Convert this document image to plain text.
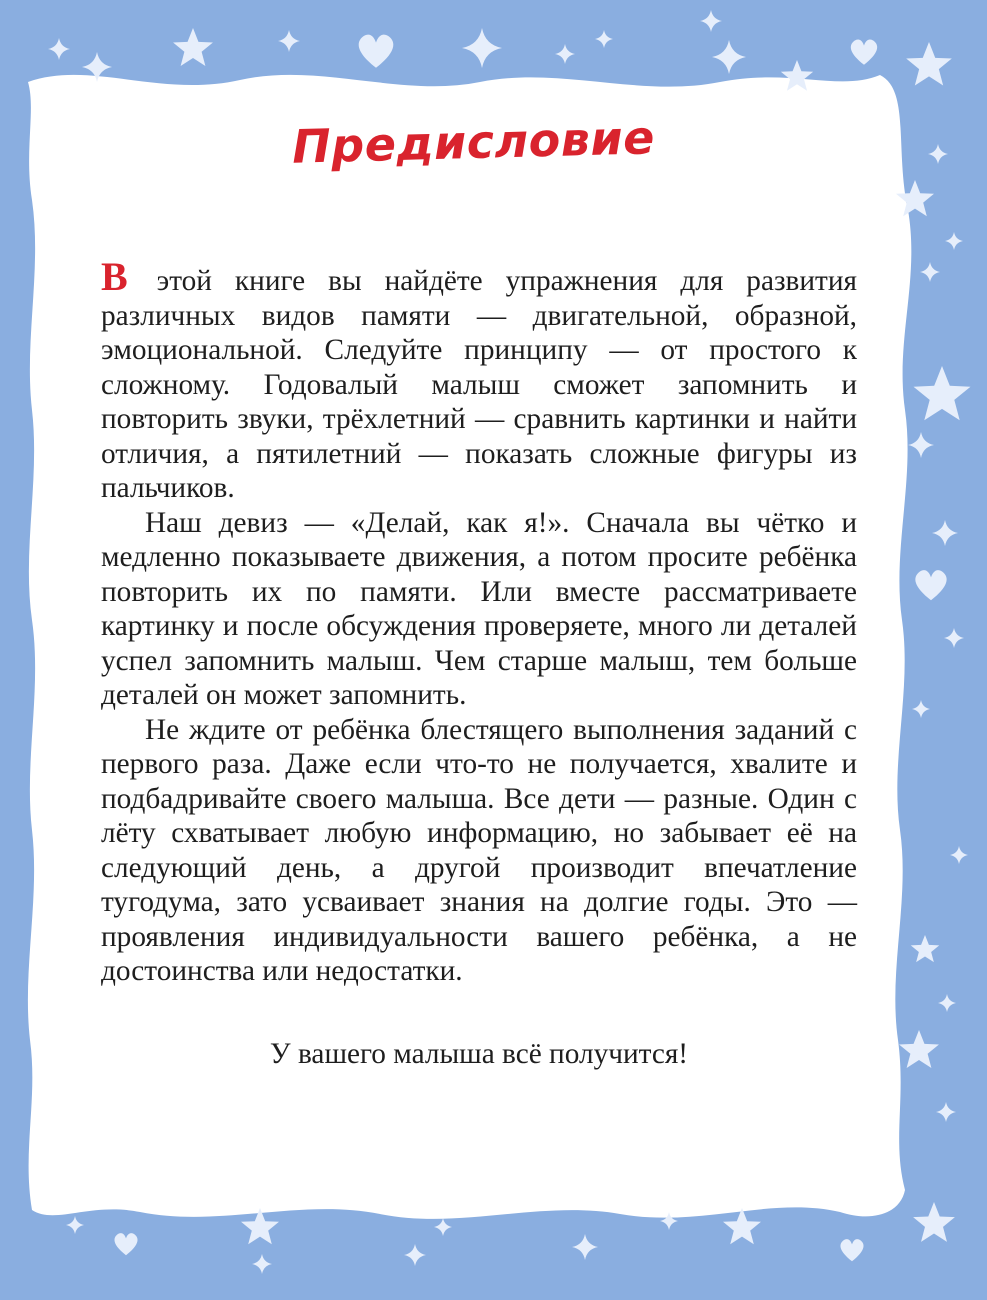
Предисловие

В этой книге вы найдёте упражнения для развития различных видов памяти — двигательной, образной, эмоциональной. Следуйте принципу — от простого к сложному. Годовалый малыш сможет запомнить и повторить звуки, трёхлетний — сравнить картинки и найти отличия, а пятилетний — показать сложные фигуры из пальчиков.

Наш девиз — «Делай, как я!». Сначала вы чётко и медленно показываете движения, а потом просите ребёнка повторить их по памяти. Или вместе рассматриваете картинку и после обсуждения проверяете, много ли деталей успел запомнить малыш. Чем старше малыш, тем больше деталей он может запомнить.

Не ждите от ребёнка блестящего выполнения заданий с первого раза. Даже если что-то не получается, хвалите и подбадривайте своего малыша. Все дети — разные. Один с лёту схватывает любую информацию, но забывает её на следующий день, а другой производит впечатление тугодума, зато усваивает знания на долгие годы. Это — проявления индивидуальности вашего ребёнка, а не достоинства или недостатки.

У вашего малыша всё получится!
